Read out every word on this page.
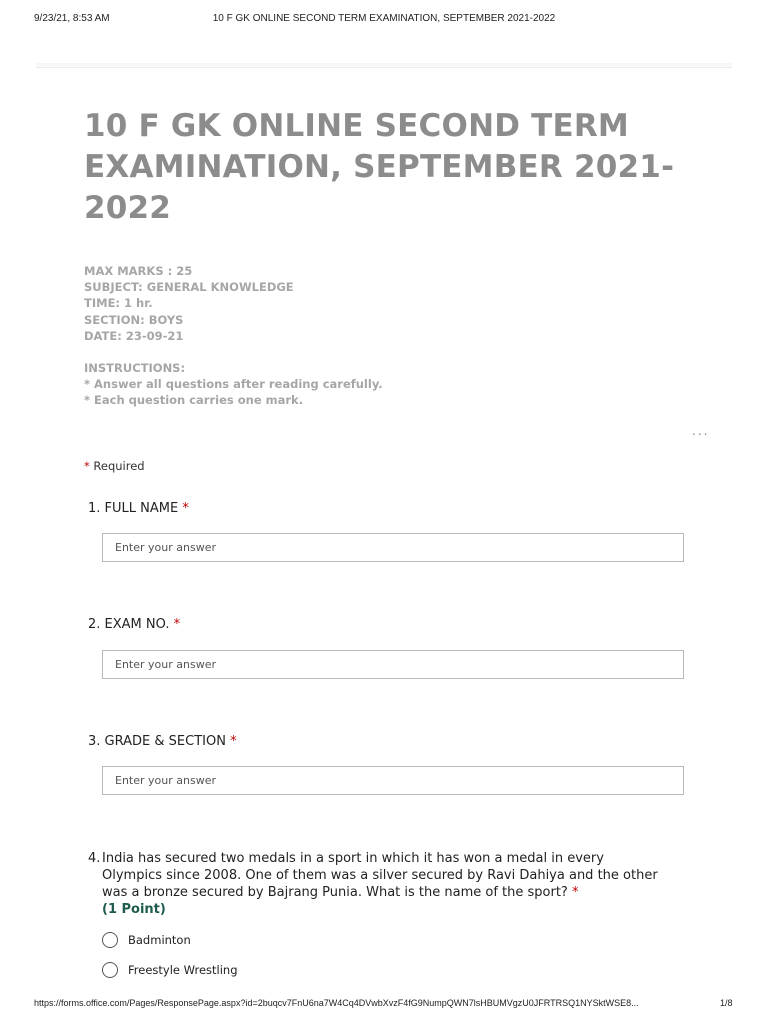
9/23/21, 8:53 AM	10 F GK ONLINE SECOND TERM EXAMINATION, SEPTEMBER 2021-2022
10 F GK ONLINE SECOND TERM EXAMINATION, SEPTEMBER 2021-2022
MAX MARKS : 25
SUBJECT: GENERAL KNOWLEDGE
TIME: 1 hr.
SECTION: BOYS
DATE: 23-09-21
INSTRUCTIONS:
* Answer all questions after reading carefully.
* Each question carries one mark.
...
* Required
1. FULL NAME *
Enter your answer
2. EXAM NO. *
Enter your answer
3. GRADE & SECTION *
Enter your answer
4. India has secured two medals in a sport in which it has won a medal in every Olympics since 2008. One of them was a silver secured by Ravi Dahiya and the other was a bronze secured by Bajrang Punia. What is the name of the sport? *
(1 Point)
Badminton
Freestyle Wrestling
https://forms.office.com/Pages/ResponsePage.aspx?id=2buqcv7FnU6na7W4Cq4DVwbXvzF4fG9NumpQWN7lsHBUMVgzU0JFRTRSQ1NYSktWSE8...	1/8
